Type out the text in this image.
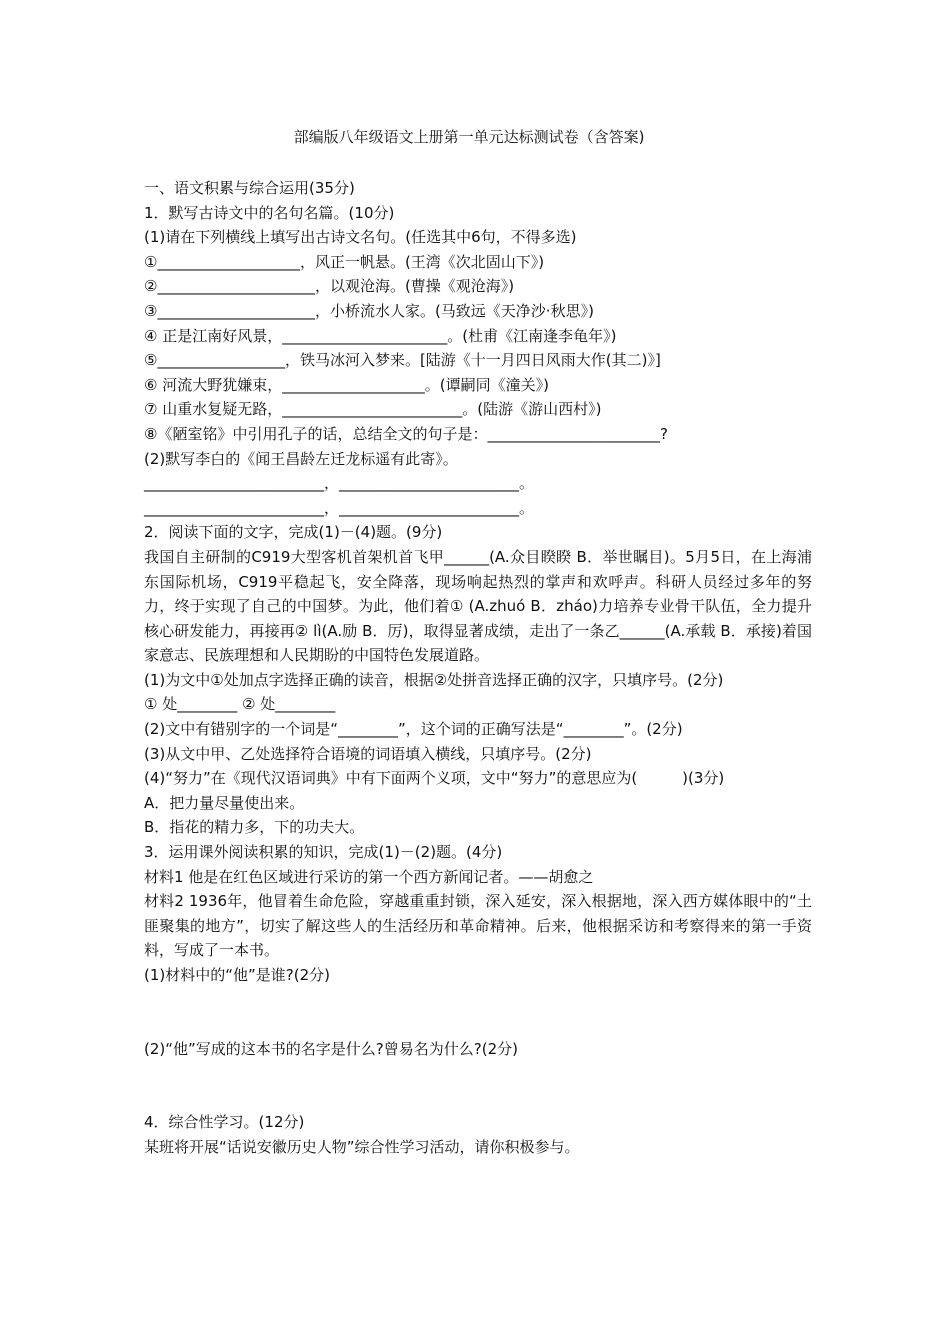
部编版八年级语文上册第一单元达标测试卷（含答案)
一、语文积累与综合运用(35分)
1．默写古诗文中的名句名篇。(10分)
(1)请在下列横线上填写出古诗文名句。(任选其中6句，不得多选)
①___________________，风正一帆悬。(王湾《次北固山下》)
②_____________________，以观沧海。(曹操《观沧海》)
③_____________________，小桥流水人家。(马致远《天净沙·秋思》)
④ 正是江南好风景，______________________。(杜甫《江南逢李龟年》)
⑤_________________，铁马冰河入梦来。[陆游《十一月四日风雨大作(其二)》]
⑥ 河流大野犹嫌束，___________________。(谭嗣同《潼关》)
⑦ 山重水复疑无路，________________________。(陆游《游山西村》)
⑧《陋室铭》中引用孔子的话，总结全文的句子是：_______________________?
(2)默写李白的《闻王昌龄左迁龙标遥有此寄》。
________________________，________________________。
________________________，________________________。
2．阅读下面的文字，完成(1)－(4)题。(9分)
我国自主研制的C919大型客机首架机首飞甲______(A.众目睽睽 B．举世瞩目)。5月5日，在上海浦东国际机场，C919平稳起飞，安全降落，现场响起热烈的掌声和欢呼声。科研人员经过多年的努力，终于实现了自己的中国梦。为此，他们着① (A.zhuó B．zháo)力培养专业骨干队伍，全力提升核心研发能力，再接再② lì(A.励 B．厉)，取得显著成绩，走出了一条乙______(A.承载 B．承接)着国家意志、民族理想和人民期盼的中国特色发展道路。
(1)为文中①处加点字选择正确的读音，根据②处拼音选择正确的汉字，只填序号。(2分)
① 处________ ② 处________
(2)文中有错别字的一个词是“________”，这个词的正确写法是“________”。(2分)
(3)从文中甲、乙处选择符合语境的词语填入横线，只填序号。(2分)
(4)“努力”在《现代汉语词典》中有下面两个义项，文中“努力”的意思应为(　　　)(3分)
A．把力量尽量使出来。
B．指花的精力多，下的功夫大。
3．运用课外阅读积累的知识，完成(1)－(2)题。(4分)
材料1 他是在红色区域进行采访的第一个西方新闻记者。——胡愈之
材料2 1936年，他冒着生命危险，穿越重重封锁，深入延安，深入根据地，深入西方媒体眼中的“土匪聚集的地方”，切实了解这些人的生活经历和革命精神。后来，他根据采访和考察得来的第一手资料，写成了一本书。
(1)材料中的“他”是谁?(2分)
(2)“他”写成的这本书的名字是什么?曾易名为什么?(2分)
4．综合性学习。(12分)
某班将开展“话说安徽历史人物”综合性学习活动，请你积极参与。
